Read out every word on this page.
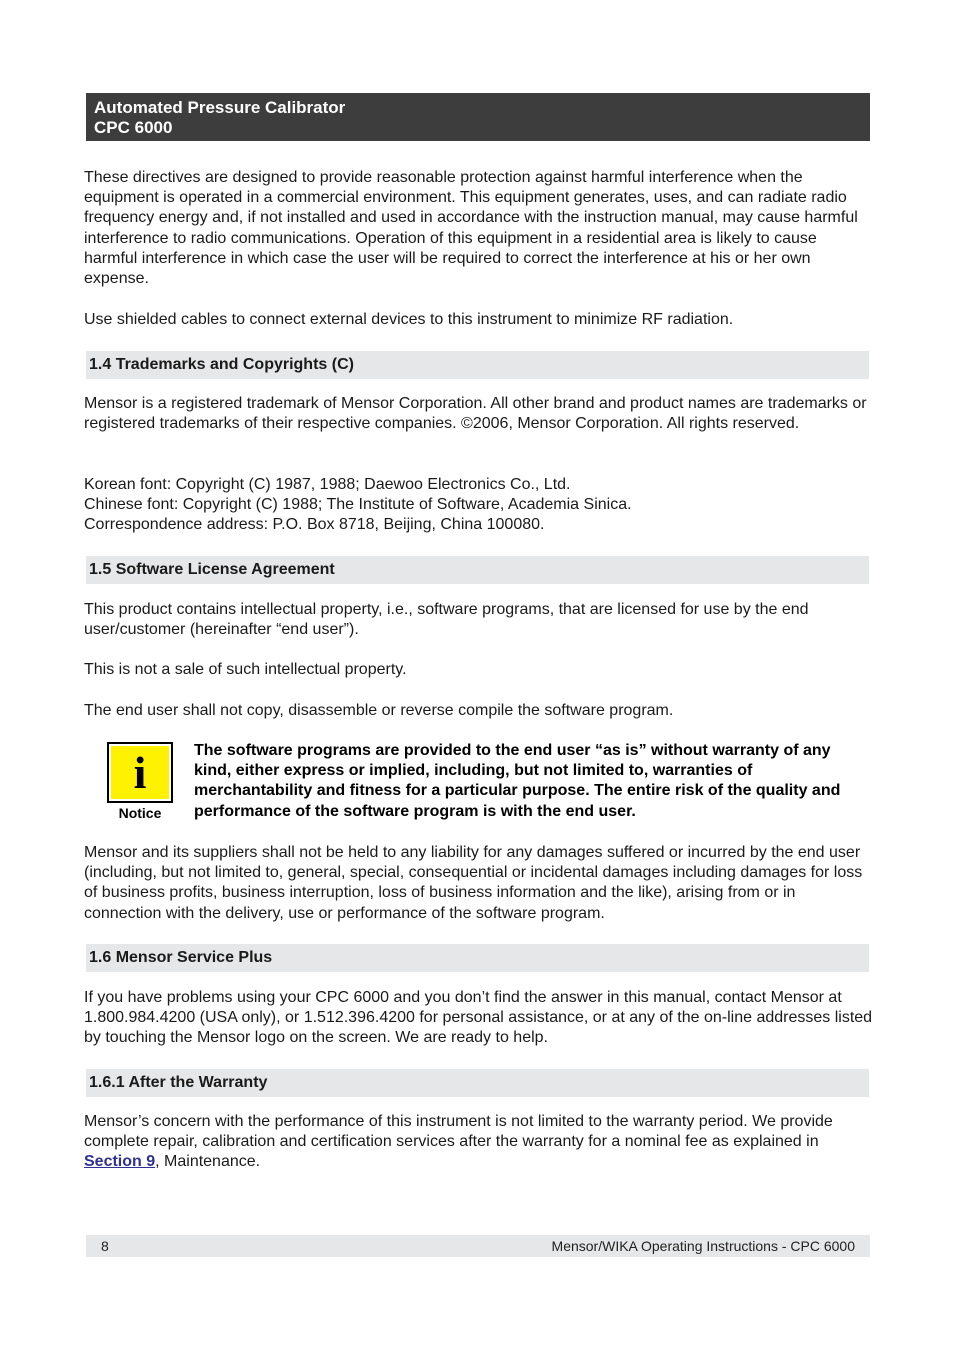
Automated Pressure Calibrator
CPC 6000

These directives are designed to provide reasonable protection against harmful interference when the equipment is operated in a commercial environment. This equipment generates, uses, and can radiate radio frequency energy and, if not installed and used in accordance with the instruction manual, may cause harmful interference to radio communications. Operation of this equipment in a residential area is likely to cause harmful interference in which case the user will be required to correct the interference at his or her own expense.

Use shielded cables to connect external devices to this instrument to minimize RF radiation.

1.4 Trademarks and Copyrights (C)

Mensor is a registered trademark of Mensor Corporation. All other brand and product names are trademarks or registered trademarks of their respective companies. ©2006, Mensor Corporation. All rights reserved.

Korean font: Copyright (C) 1987, 1988; Daewoo Electronics Co., Ltd.

Chinese font: Copyright (C) 1988; The Institute of Software, Academia Sinica.

Correspondence address: P.O. Box 8718, Beijing, China 100080.

1.5 Software License Agreement

This product contains intellectual property, i.e., software programs, that are licensed for use by the end user/customer (hereinafter “end user”).

This is not a sale of such intellectual property.

The end user shall not copy, disassemble or reverse compile the software program.

i
Notice

The software programs are provided to the end user “as is” without warranty of any kind, either express or implied, including, but not limited to, warranties of merchantability and fitness for a particular purpose. The entire risk of the quality and performance of the software program is with the end user.

Mensor and its suppliers shall not be held to any liability for any damages suffered or incurred by the end user (including, but not limited to, general, special, consequential or incidental damages including damages for loss of business profits, business interruption, loss of business information and the like), arising from or in connection with the delivery, use or performance of the software program.

1.6 Mensor Service Plus

If you have problems using your CPC 6000 and you don’t find the answer in this manual, contact Mensor at 1.800.984.4200 (USA only), or 1.512.396.4200 for personal assistance, or at any of the on-line addresses listed by touching the Mensor logo on the screen. We are ready to help.

1.6.1 After the Warranty

Mensor’s concern with the performance of this instrument is not limited to the warranty period. We provide complete repair, calibration and certification services after the warranty for a nominal fee as explained in Section 9, Maintenance.

8	Mensor/WIKA Operating Instructions - CPC 6000
